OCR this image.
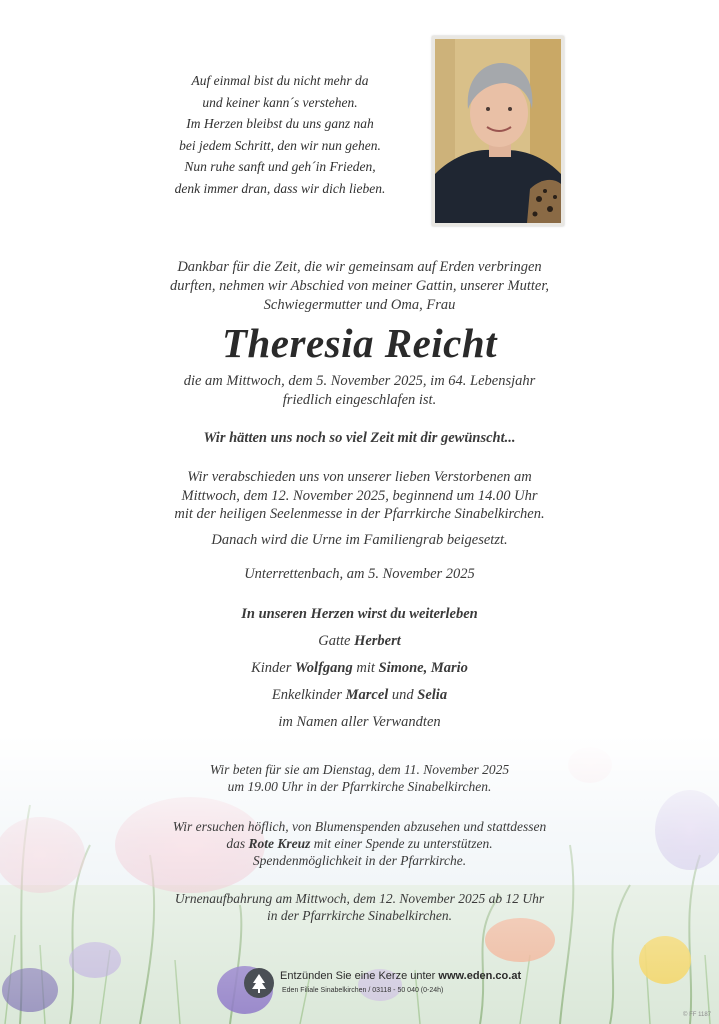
Auf einmal bist du nicht mehr da
und keiner kann´s verstehen.
Im Herzen bleibst du uns ganz nah
bei jedem Schritt, den wir nun gehen.
Nun ruhe sanft und geh´in Frieden,
denk immer dran, dass wir dich lieben.
Dankbar für die Zeit, die wir gemeinsam auf Erden verbringen
durften, nehmen wir Abschied von meiner Gattin, unserer Mutter,
Schwiegermutter und Oma, Frau
Theresia Reicht
die am Mittwoch, dem 5. November 2025, im 64. Lebensjahr
friedlich eingeschlafen ist.
Wir hätten uns noch so viel Zeit mit dir gewünscht...
Wir verabschieden uns von unserer lieben Verstorbenen am
Mittwoch, dem 12. November 2025, beginnend um 14.00 Uhr
mit der heiligen Seelenmesse in der Pfarrkirche Sinabelkirchen.
Danach wird die Urne im Familiengrab beigesetzt.
Unterrettenbach, am 5. November 2025
In unseren Herzen wirst du weiterleben
Gatte Herbert
Kinder Wolfgang mit Simone, Mario
Enkelkinder Marcel und Selia
im Namen aller Verwandten
Wir beten für sie am Dienstag, dem 11. November 2025
um 19.00 Uhr in der Pfarrkirche Sinabelkirchen.
Wir ersuchen höflich, von Blumenspenden abzusehen und stattdessen
das Rote Kreuz mit einer Spende zu unterstützen.
Spendenmöglichkeit in der Pfarrkirche.
Urnenaufbahrung am Mittwoch, dem 12. November 2025 ab 12 Uhr
in der Pfarrkirche Sinabelkirchen.
Entzünden Sie eine Kerze unter www.eden.co.at
Eden Filiale Sinabelkirchen / 03118 - 50 040 (0-24h)
© FF 1187
